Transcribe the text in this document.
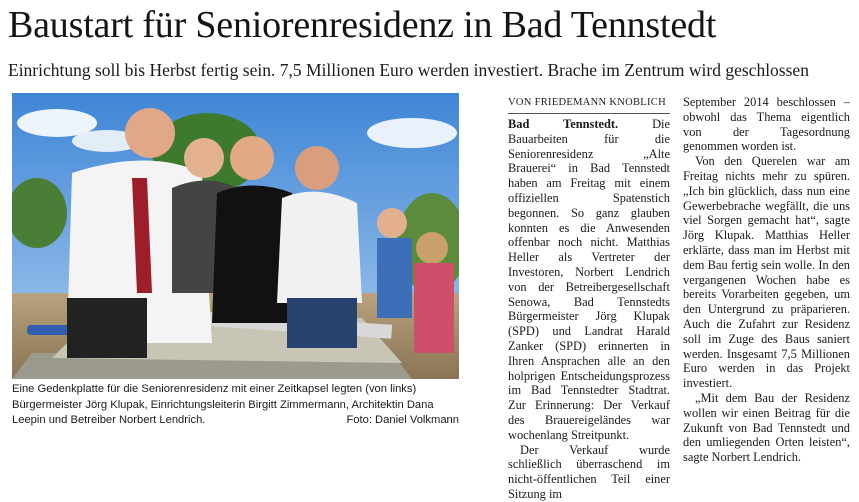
Baustart für Seniorenresidenz in Bad Tennstedt
Einrichtung soll bis Herbst fertig sein. 7,5 Millionen Euro werden investiert. Brache im Zentrum wird geschlossen
Eine Gedenkplatte für die Seniorenresidenz mit einer Zeitkapsel legten (von links) Bürgermeister Jörg Klupak, Einrichtungsleiterin Birgitt Zimmermann, Architektin Dana Leepin und Betreiber Norbert Lendrich.	Foto: Daniel Volkmann
VON FRIEDEMANN KNOBLICH

Bad Tennstedt.	Die Bauarbeiten für die Seniorenresidenz „Alte Brauerei“ in Bad Tennstedt haben am Freitag mit einem offiziellen Spatenstich begonnen. So ganz glauben konnten es die Anwesenden offenbar noch nicht. Matthias Heller als Vertreter der Investoren, Norbert Lendrich von der Betreibergesellschaft Senowa, Bad Tennstedts Bürgermeister Jörg Klupak (SPD) und Landrat Harald Zanker (SPD) erinnerten in Ihren Ansprachen alle an den holprigen Entscheidungsprozess im Bad Tennstedter Stadtrat. Zur Erinnerung: Der Verkauf des Brauereigeländes war wochenlang Streitpunkt.

Der Verkauf wurde schließlich überraschend im nicht-öffentlichen Teil einer Sitzung im

September 2014 beschlossen – obwohl das Thema eigentlich von der Tagesordnung genommen worden ist.

Von den Querelen war am Freitag nichts mehr zu spüren. „Ich bin glücklich, dass nun eine Gewerbebrache wegfällt, die uns viel Sorgen gemacht hat“, sagte Jörg Klupak. Matthias Heller erklärte, dass man im Herbst mit dem Bau fertig sein wolle. In den vergangenen Wochen habe es bereits Vorarbeiten gegeben, um den Untergrund zu präparieren. Auch die Zufahrt zur Residenz soll im Zuge des Baus saniert werden. Insgesamt 7,5 Millionen Euro werden in das Projekt investiert.

„Mit dem Bau der Residenz wollen wir einen Beitrag für die Zukunft von Bad Tennstedt und den umliegenden Orten leisten“, sagte Norbert Lendrich.
